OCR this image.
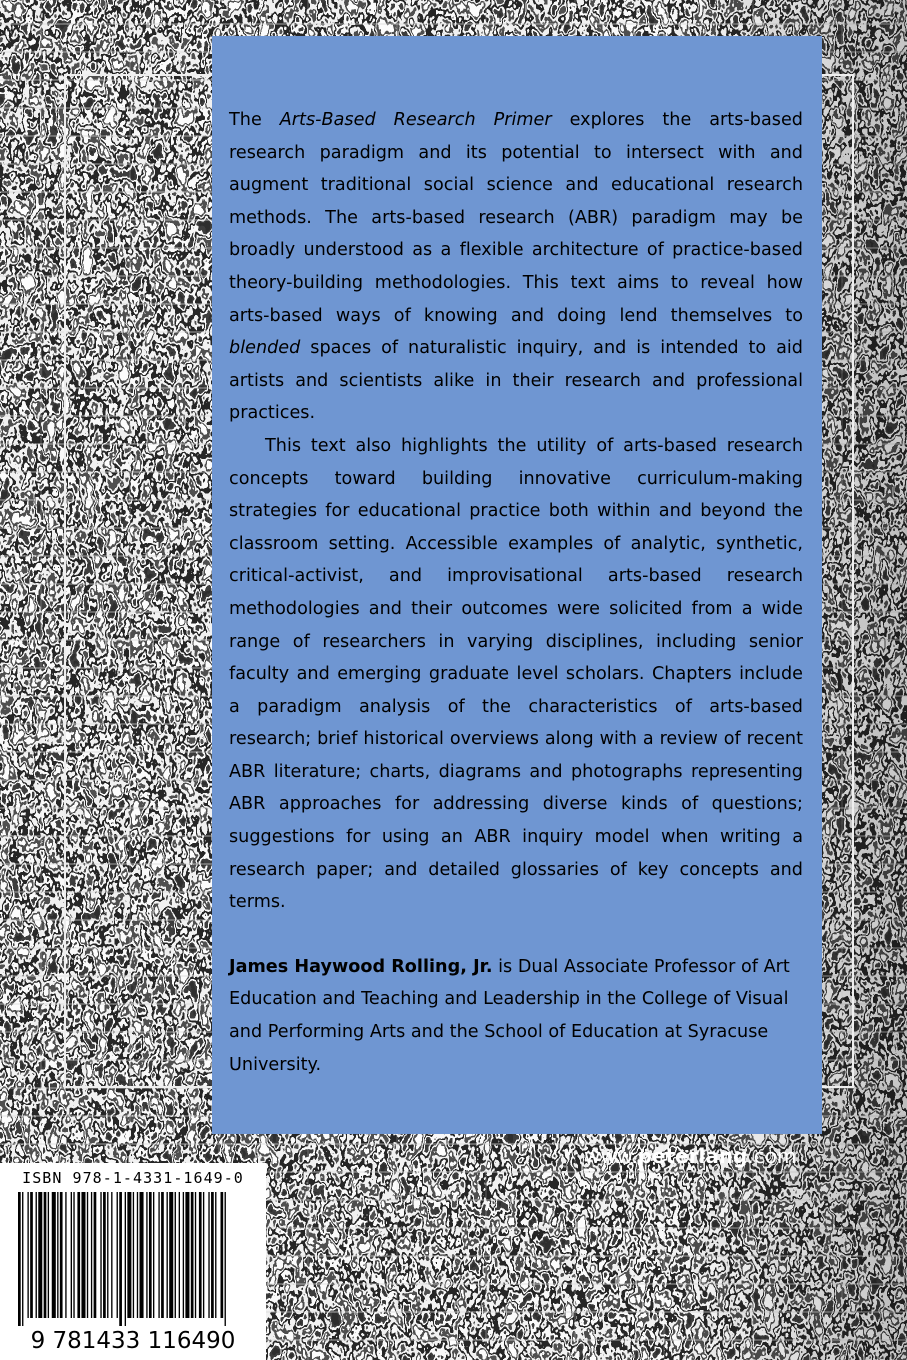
The Arts-Based Research Primer explores the arts-based research paradigm and its potential to intersect with and augment traditional social science and educational research methods. The arts-based research (ABR) paradigm may be broadly understood as a flexible architecture of practice-based theory-building methodologies. This text aims to reveal how arts-based ways of knowing and doing lend themselves to blended spaces of naturalistic inquiry, and is intended to aid artists and scientists alike in their research and professional practices.

This text also highlights the utility of arts-based research concepts toward building innovative curriculum-making strategies for educational practice both within and beyond the classroom setting. Accessible examples of analytic, synthetic, critical-activist, and improvisational arts-based research methodologies and their outcomes were solicited from a wide range of researchers in varying disciplines, including senior faculty and emerging graduate level scholars. Chapters include a paradigm analysis of the characteristics of arts-based research; brief historical overviews along with a review of recent ABR literature; charts, diagrams and photographs representing ABR approaches for addressing diverse kinds of questions; suggestions for using an ABR inquiry model when writing a research paper; and detailed glossaries of key concepts and terms.

James Haywood Rolling, Jr. is Dual Associate Professor of Art Education and Teaching and Leadership in the College of Visual and Performing Arts and the School of Education at Syracuse University.

www.peterlang.com
ISBN 978-1-4331-1649-0
9 781433 116490
